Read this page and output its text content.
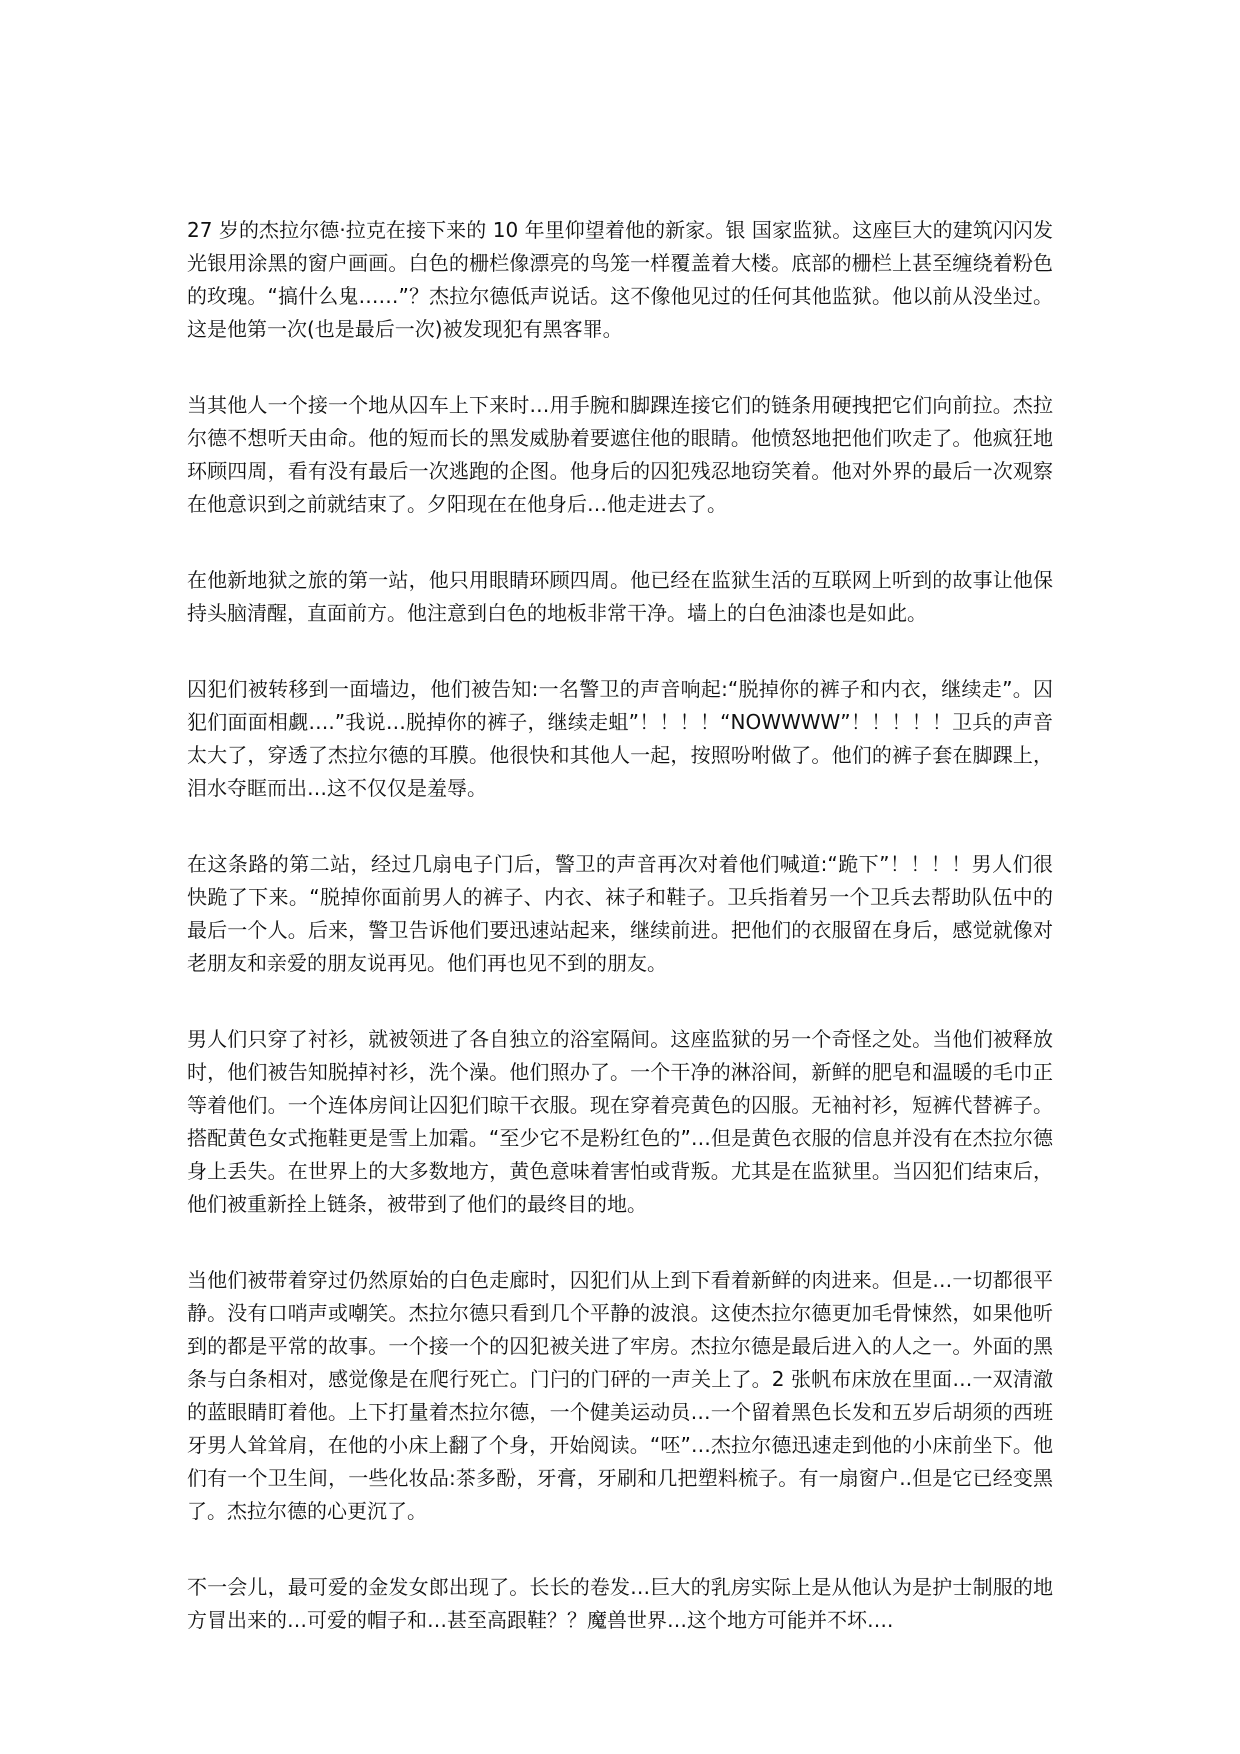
27 岁的杰拉尔德·拉克在接下来的 10 年里仰望着他的新家。银 国家监狱。这座巨大的建筑闪闪发光银用涂黑的窗户画画。白色的栅栏像漂亮的鸟笼一样覆盖着大楼。底部的栅栏上甚至缠绕着粉色的玫瑰。“搞什么鬼……”？杰拉尔德低声说话。这不像他见过的任何其他监狱。他以前从没坐过。这是他第一次(也是最后一次)被发现犯有黑客罪。

当其他人一个接一个地从囚车上下来时…用手腕和脚踝连接它们的链条用硬拽把它们向前拉。杰拉尔德不想听天由命。他的短而长的黑发威胁着要遮住他的眼睛。他愤怒地把他们吹走了。他疯狂地环顾四周，看有没有最后一次逃跑的企图。他身后的囚犯残忍地窃笑着。他对外界的最后一次观察在他意识到之前就结束了。夕阳现在在他身后…他走进去了。

在他新地狱之旅的第一站，他只用眼睛环顾四周。他已经在监狱生活的互联网上听到的故事让他保持头脑清醒，直面前方。他注意到白色的地板非常干净。墙上的白色油漆也是如此。

囚犯们被转移到一面墙边，他们被告知:一名警卫的声音响起:“脱掉你的裤子和内衣，继续走”。囚犯们面面相觑….”我说…脱掉你的裤子，继续走蛆”！！！！“NOWWWW”！！！！！卫兵的声音太大了，穿透了杰拉尔德的耳膜。他很快和其他人一起，按照吩咐做了。他们的裤子套在脚踝上，泪水夺眶而出…这不仅仅是羞辱。

在这条路的第二站，经过几扇电子门后，警卫的声音再次对着他们喊道:“跪下”！！！！男人们很快跪了下来。“脱掉你面前男人的裤子、内衣、袜子和鞋子。卫兵指着另一个卫兵去帮助队伍中的最后一个人。后来，警卫告诉他们要迅速站起来，继续前进。把他们的衣服留在身后，感觉就像对老朋友和亲爱的朋友说再见。他们再也见不到的朋友。

男人们只穿了衬衫，就被领进了各自独立的浴室隔间。这座监狱的另一个奇怪之处。当他们被释放时，他们被告知脱掉衬衫，洗个澡。他们照办了。一个干净的淋浴间，新鲜的肥皂和温暖的毛巾正等着他们。一个连体房间让囚犯们晾干衣服。现在穿着亮黄色的囚服。无袖衬衫，短裤代替裤子。搭配黄色女式拖鞋更是雪上加霜。“至少它不是粉红色的”…但是黄色衣服的信息并没有在杰拉尔德身上丢失。在世界上的大多数地方，黄色意味着害怕或背叛。尤其是在监狱里。当囚犯们结束后，他们被重新拴上链条，被带到了他们的最终目的地。

当他们被带着穿过仍然原始的白色走廊时，囚犯们从上到下看着新鲜的肉进来。但是…一切都很平静。没有口哨声或嘲笑。杰拉尔德只看到几个平静的波浪。这使杰拉尔德更加毛骨悚然，如果他听到的都是平常的故事。一个接一个的囚犯被关进了牢房。杰拉尔德是最后进入的人之一。外面的黑条与白条相对，感觉像是在爬行死亡。门闩的门砰的一声关上了。2 张帆布床放在里面…一双清澈的蓝眼睛盯着他。上下打量着杰拉尔德，一个健美运动员…一个留着黑色长发和五岁后胡须的西班牙男人耸耸肩，在他的小床上翻了个身，开始阅读。“呸”…杰拉尔德迅速走到他的小床前坐下。他们有一个卫生间，一些化妆品:茶多酚，牙膏，牙刷和几把塑料梳子。有一扇窗户..但是它已经变黑了。杰拉尔德的心更沉了。

不一会儿，最可爱的金发女郎出现了。长长的卷发…巨大的乳房实际上是从他认为是护士制服的地方冒出来的…可爱的帽子和…甚至高跟鞋？？魔兽世界…这个地方可能并不坏….
